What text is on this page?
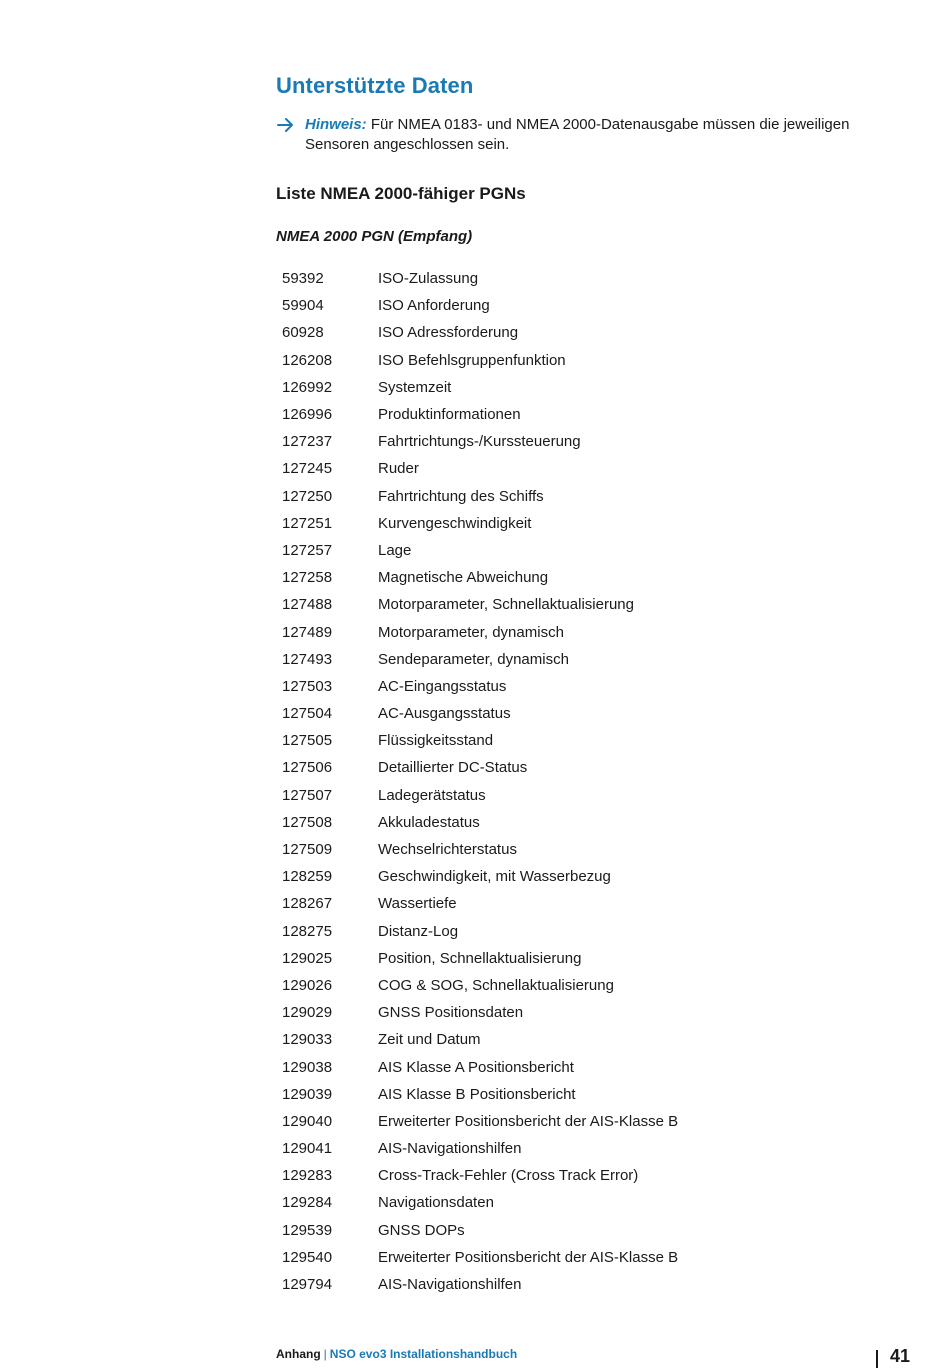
Unterstützte Daten
Hinweis: Für NMEA 0183- und NMEA 2000-Datenausgabe müssen die jeweiligen Sensoren angeschlossen sein.
Liste NMEA 2000-fähiger PGNs
NMEA 2000 PGN (Empfang)
59392	ISO-Zulassung
59904	ISO Anforderung
60928	ISO Adressforderung
126208	ISO Befehlsgruppenfunktion
126992	Systemzeit
126996	Produktinformationen
127237	Fahrtrichtungs-/Kurssteuerung
127245	Ruder
127250	Fahrtrichtung des Schiffs
127251	Kurvengeschwindigkeit
127257	Lage
127258	Magnetische Abweichung
127488	Motorparameter, Schnellaktualisierung
127489	Motorparameter, dynamisch
127493	Sendeparameter, dynamisch
127503	AC-Eingangsstatus
127504	AC-Ausgangsstatus
127505	Flüssigkeitsstand
127506	Detaillierter DC-Status
127507	Ladegerätstatus
127508	Akkuladestatus
127509	Wechselrichterstatus
128259	Geschwindigkeit, mit Wasserbezug
128267	Wassertiefe
128275	Distanz-Log
129025	Position, Schnellaktualisierung
129026	COG & SOG, Schnellaktualisierung
129029	GNSS Positionsdaten
129033	Zeit und Datum
129038	AIS Klasse A Positionsbericht
129039	AIS Klasse B Positionsbericht
129040	Erweiterter Positionsbericht der AIS-Klasse B
129041	AIS-Navigationshilfen
129283	Cross-Track-Fehler (Cross Track Error)
129284	Navigationsdaten
129539	GNSS DOPs
129540	Erweiterter Positionsbericht der AIS-Klasse B
129794	AIS-Navigationshilfen
Anhang | NSO evo3 Installationshandbuch	41
